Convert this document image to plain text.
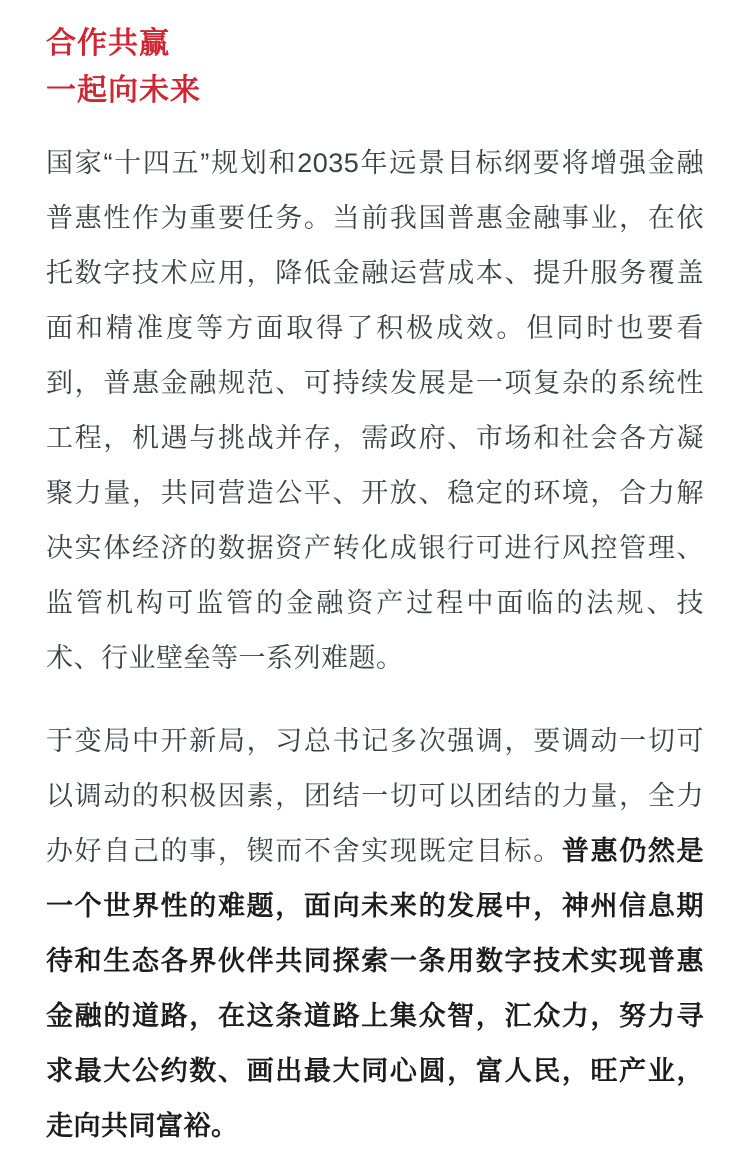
合作共赢
一起向未来

国家“十四五”规划和2035年远景目标纲要将增强金融普惠性作为重要任务。当前我国普惠金融事业，在依托数字技术应用，降低金融运营成本、提升服务覆盖面和精准度等方面取得了积极成效。但同时也要看到，普惠金融规范、可持续发展是一项复杂的系统性工程，机遇与挑战并存，需政府、市场和社会各方凝聚力量，共同营造公平、开放、稳定的环境，合力解决实体经济的数据资产转化成银行可进行风控管理、监管机构可监管的金融资产过程中面临的法规、技术、行业壁垒等一系列难题。

于变局中开新局，习总书记多次强调，要调动一切可以调动的积极因素，团结一切可以团结的力量，全力办好自己的事，锲而不舍实现既定目标。普惠仍然是一个世界性的难题，面向未来的发展中，神州信息期待和生态各界伙伴共同探索一条用数字技术实现普惠金融的道路，在这条道路上集众智，汇众力，努力寻求最大公约数、画出最大同心圆，富人民，旺产业，走向共同富裕。
